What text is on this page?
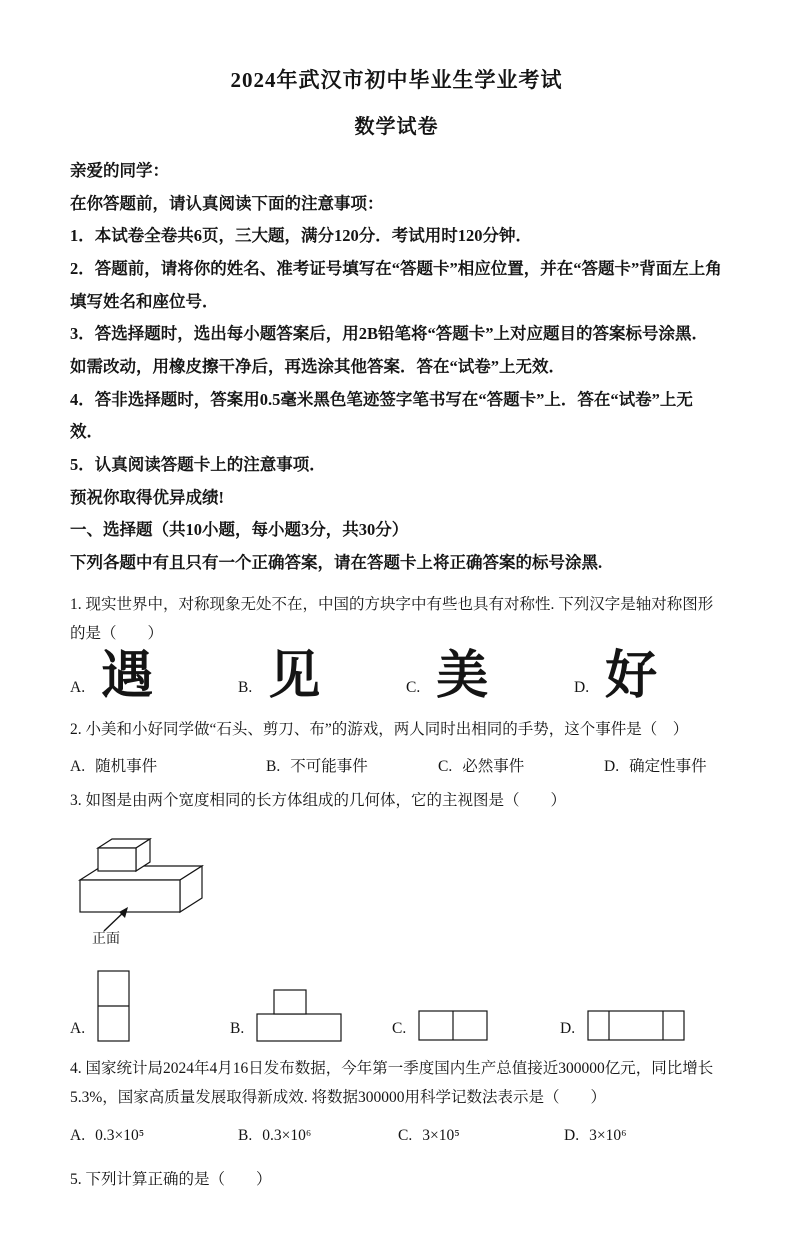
2024年武汉市初中毕业生学业考试
数学试卷

亲爱的同学：

在你答题前，请认真阅读下面的注意事项：

1．本试卷全卷共6页，三大题，满分120分．考试用时120分钟．

2．答题前，请将你的姓名、准考证号填写在“答题卡”相应位置，并在“答题卡”背面左上角填写姓名和座位号．

3．答选择题时，选出每小题答案后，用2B铅笔将“答题卡”上对应题目的答案标号涂黑．如需改动，用橡皮擦干净后，再选涂其他答案．答在“试卷”上无效．

4．答非选择题时，答案用0.5毫米黑色笔迹签字笔书写在“答题卡”上．答在“试卷”上无效．

5．认真阅读答题卡上的注意事项．

预祝你取得优异成绩!

一、选择题（共10小题，每小题3分，共30分）

下列各题中有且只有一个正确答案，请在答题卡上将正确答案的标号涂黑.

1. 现实世界中，对称现象无处不在，中国的方块字中有些也具有对称性. 下列汉字是轴对称图形的是（　　）

A. 遇	B. 见	C. 美	D. 好

2. 小美和小好同学做“石头、剪刀、布”的游戏，两人同时出相同的手势，这个事件是（　）

A. 随机事件	B. 不可能事件	C. 必然事件	D. 确定性事件

3. 如图是由两个宽度相同的长方体组成的几何体，它的主视图是（　　）

正面
A.	B.	C.	D.

4. 国家统计局2024年4月16日发布数据，今年第一季度国内生产总值接近300000亿元，同比增长5.3%，国家高质量发展取得新成效. 将数据300000用科学记数法表示是（　　）

A. 0.3×10⁵	B. 0.3×10⁶	C. 3×10⁵	D. 3×10⁶

5. 下列计算正确的是（　　）
